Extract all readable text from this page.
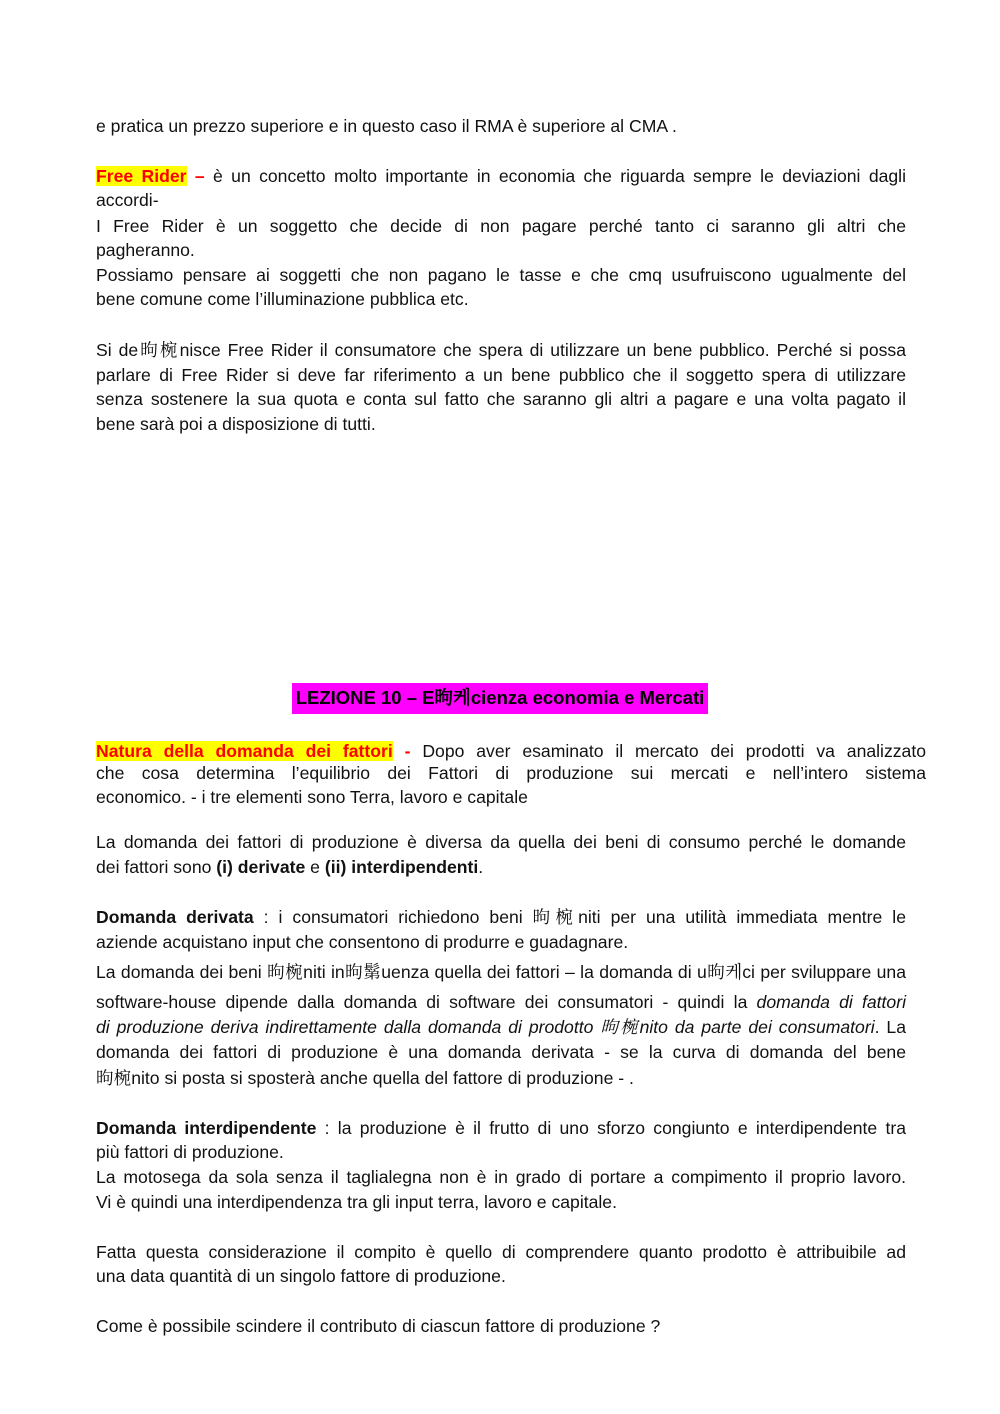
e pratica un prezzo superiore e in questo caso il RMA è superiore al CMA .
Free Rider – è un concetto molto importante in economia che riguarda sempre le deviazioni dagli
accordi-
I Free Rider è un soggetto che decide di non pagare perché tanto ci saranno gli altri che
pagheranno.
Possiamo pensare ai soggetti che non pagano le tasse e che cmq usufruiscono ugualmente del
bene comune come l’illuminazione pubblica etc.
Si de昫椀nisce Free Rider il consumatore che spera di utilizzare un bene pubblico. Perché si possa
parlare di Free Rider si deve far riferimento a un bene pubblico che il soggetto spera di utilizzare
senza sostenere la sua quota e conta sul fatto che saranno gli altri a pagare e una volta pagato il
bene sarà poi a disposizione di tutti.
LEZIONE 10 – E昫케cienza economia e Mercati
Natura della domanda dei fattori - Dopo aver esaminato il mercato dei prodotti va analizzato
che cosa determina l’equilibrio dei Fattori di produzione sui mercati e nell’intero sistema
economico. - i tre elementi sono Terra, lavoro e capitale
La domanda dei fattori di produzione è diversa da quella dei beni di consumo perché le domande
dei fattori sono (i) derivate e (ii) interdipendenti.
Domanda derivata : i consumatori richiedono beni 昫椀niti per una utilità immediata mentre le
aziende acquistano input che consentono di produrre e guadagnare.
La domanda dei beni 昫椀niti in昫鬀uenza quella dei fattori – la domanda di u昫케ci per sviluppare una
software-house dipende dalla domanda di software dei consumatori - quindi la domanda di fattori
di produzione deriva indirettamente dalla domanda di prodotto 昫椀nito da parte dei consumatori. La
domanda dei fattori di produzione è una domanda derivata - se la curva di domanda del bene
昫椀nito si posta si sposterà anche quella del fattore di produzione - .
Domanda interdipendente : la produzione è il frutto di uno sforzo congiunto e interdipendente tra
più fattori di produzione.
La motosega da sola senza il taglialegna non è in grado di portare a compimento il proprio lavoro.
Vi è quindi una interdipendenza tra gli input terra, lavoro e capitale.
Fatta questa considerazione il compito è quello di comprendere quanto prodotto è attribuibile ad
una data quantità di un singolo fattore di produzione.
Come è possibile scindere il contributo di ciascun fattore di produzione ?
